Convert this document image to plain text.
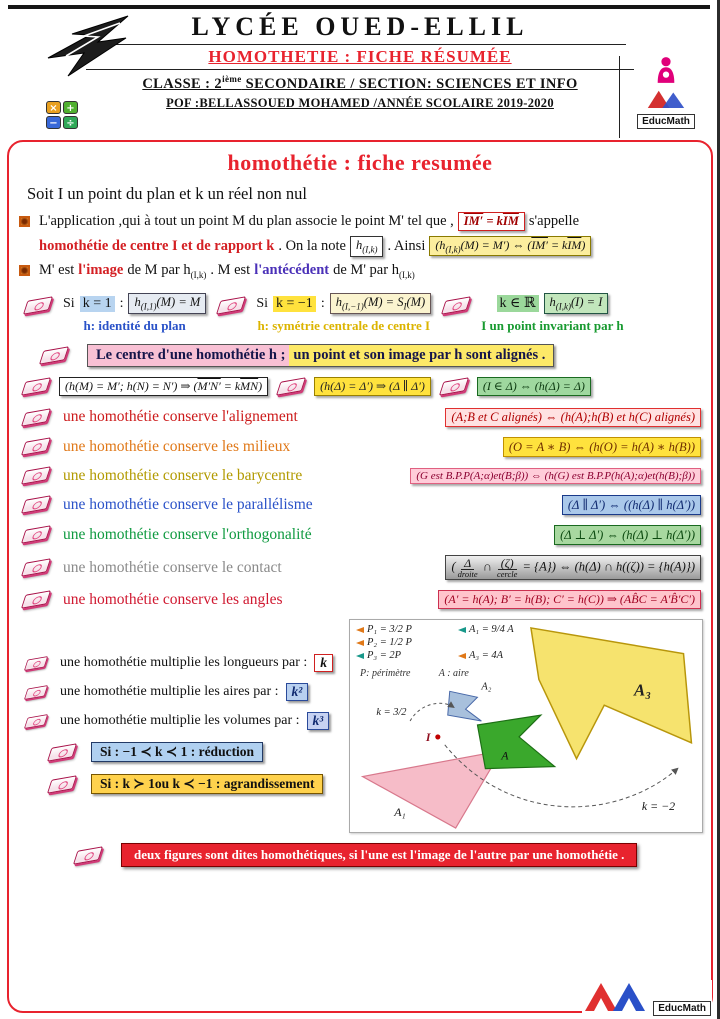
LYCÉE OUED-ELLIL
HOMOTHETIE : FICHE RÉSUMÉE
CLASSE : 2ième SECONDAIRE / SECTION: SCIENCES ET INFO
POF :BELLASSOUED MOHAMED /ANNÉE SCOLAIRE 2019-2020
× +
− ÷	EducMath
homothétie : fiche resumée
Soit I un point du plan et k un réel non nul
L'application ,qui à tout un point M du plan associe le point M' tel que , $IM' = k\overline{IM}$ s'appelle
homothétie de centre I et de rapport k . On la note $h_{(I,k)}$ . Ainsi $(h_{(I,k)}(M) = M')$ ⇔ $(IM' = k\overline{IM})$
M' est l'image de M par $h_{(I,k)}$ . M est l'antécédent de M' par $h_{(I,k)}$
Si k = 1 : $h_{(I,1)}(M) = M$
h: identité du plan
Si k = −1 : $h_{(I,-1)}(M) = S_I(M)$
h: symétrie centrale de centre I
k ∈ ℝ	$h_{(I,k)}(I) = I$
I un point invariant par h
Le centre d'une homothétie h ; un point et son image par h sont alignés .
(h(M) = M′; h(N) = N′) ⇒ $(M'N' = k\overline{MN})$	(h(Δ) = Δ′) ⇒ (Δ ∥ Δ′)	(I ∈ Δ) ⇔ (h(Δ) = Δ)
une homothétie conserve l'alignement	(A;B et C alignés) ⇔ (h(A);h(B) et h(C) alignés)
une homothétie conserve les milieux	(O = A ∗ B) ⇔ (h(O) = h(A) ∗ h(B))
une homothétie conserve le barycentre	(G est B.P.P(A;α)et(B;β)) ⇔ (h(G) est B.P.P(h(A);α)et(h(B);β))
une homothétie conserve le parallélisme	(Δ ∥ Δ′) ⇔ ((h(Δ) ∥ h(Δ′))
une homothétie conserve l'orthogonalité	(Δ ⊥ Δ′) ⇔ (h(Δ) ⊥ h(Δ′))
une homothétie conserve le contact	( Δ
droite
∩ (ζ)
cercle
= {A}) ⇔ (h(Δ) ∩ h((ζ)) = {h(A)})
une homothétie conserve les angles	(A′ = h(A); B′ = h(B); C′ = h(C)) ⇒ (AB̂C = A′B̂′C′)
une homothétie multiplie les longueurs par : k
une homothétie multiplie les aires par : k²
une homothétie multiplie les volumes par : k³
Si : −1 ≺ k ≺ 1 : réduction
Si : k ≻ 1ou k ≺ −1 : agrandissement
A₃
A
A₁
A₂
I
k = 3/2
k = −2
P₁ = 3/2 P	A₁ = 9/4 A
P₂ = 1/2 P
P₃ = 2P	A₃ = 4A
P: périmètre	A : aire
deux figures sont dites homothétiques, si l'une est l'image de l'autre par une homothétie .
EducMath
